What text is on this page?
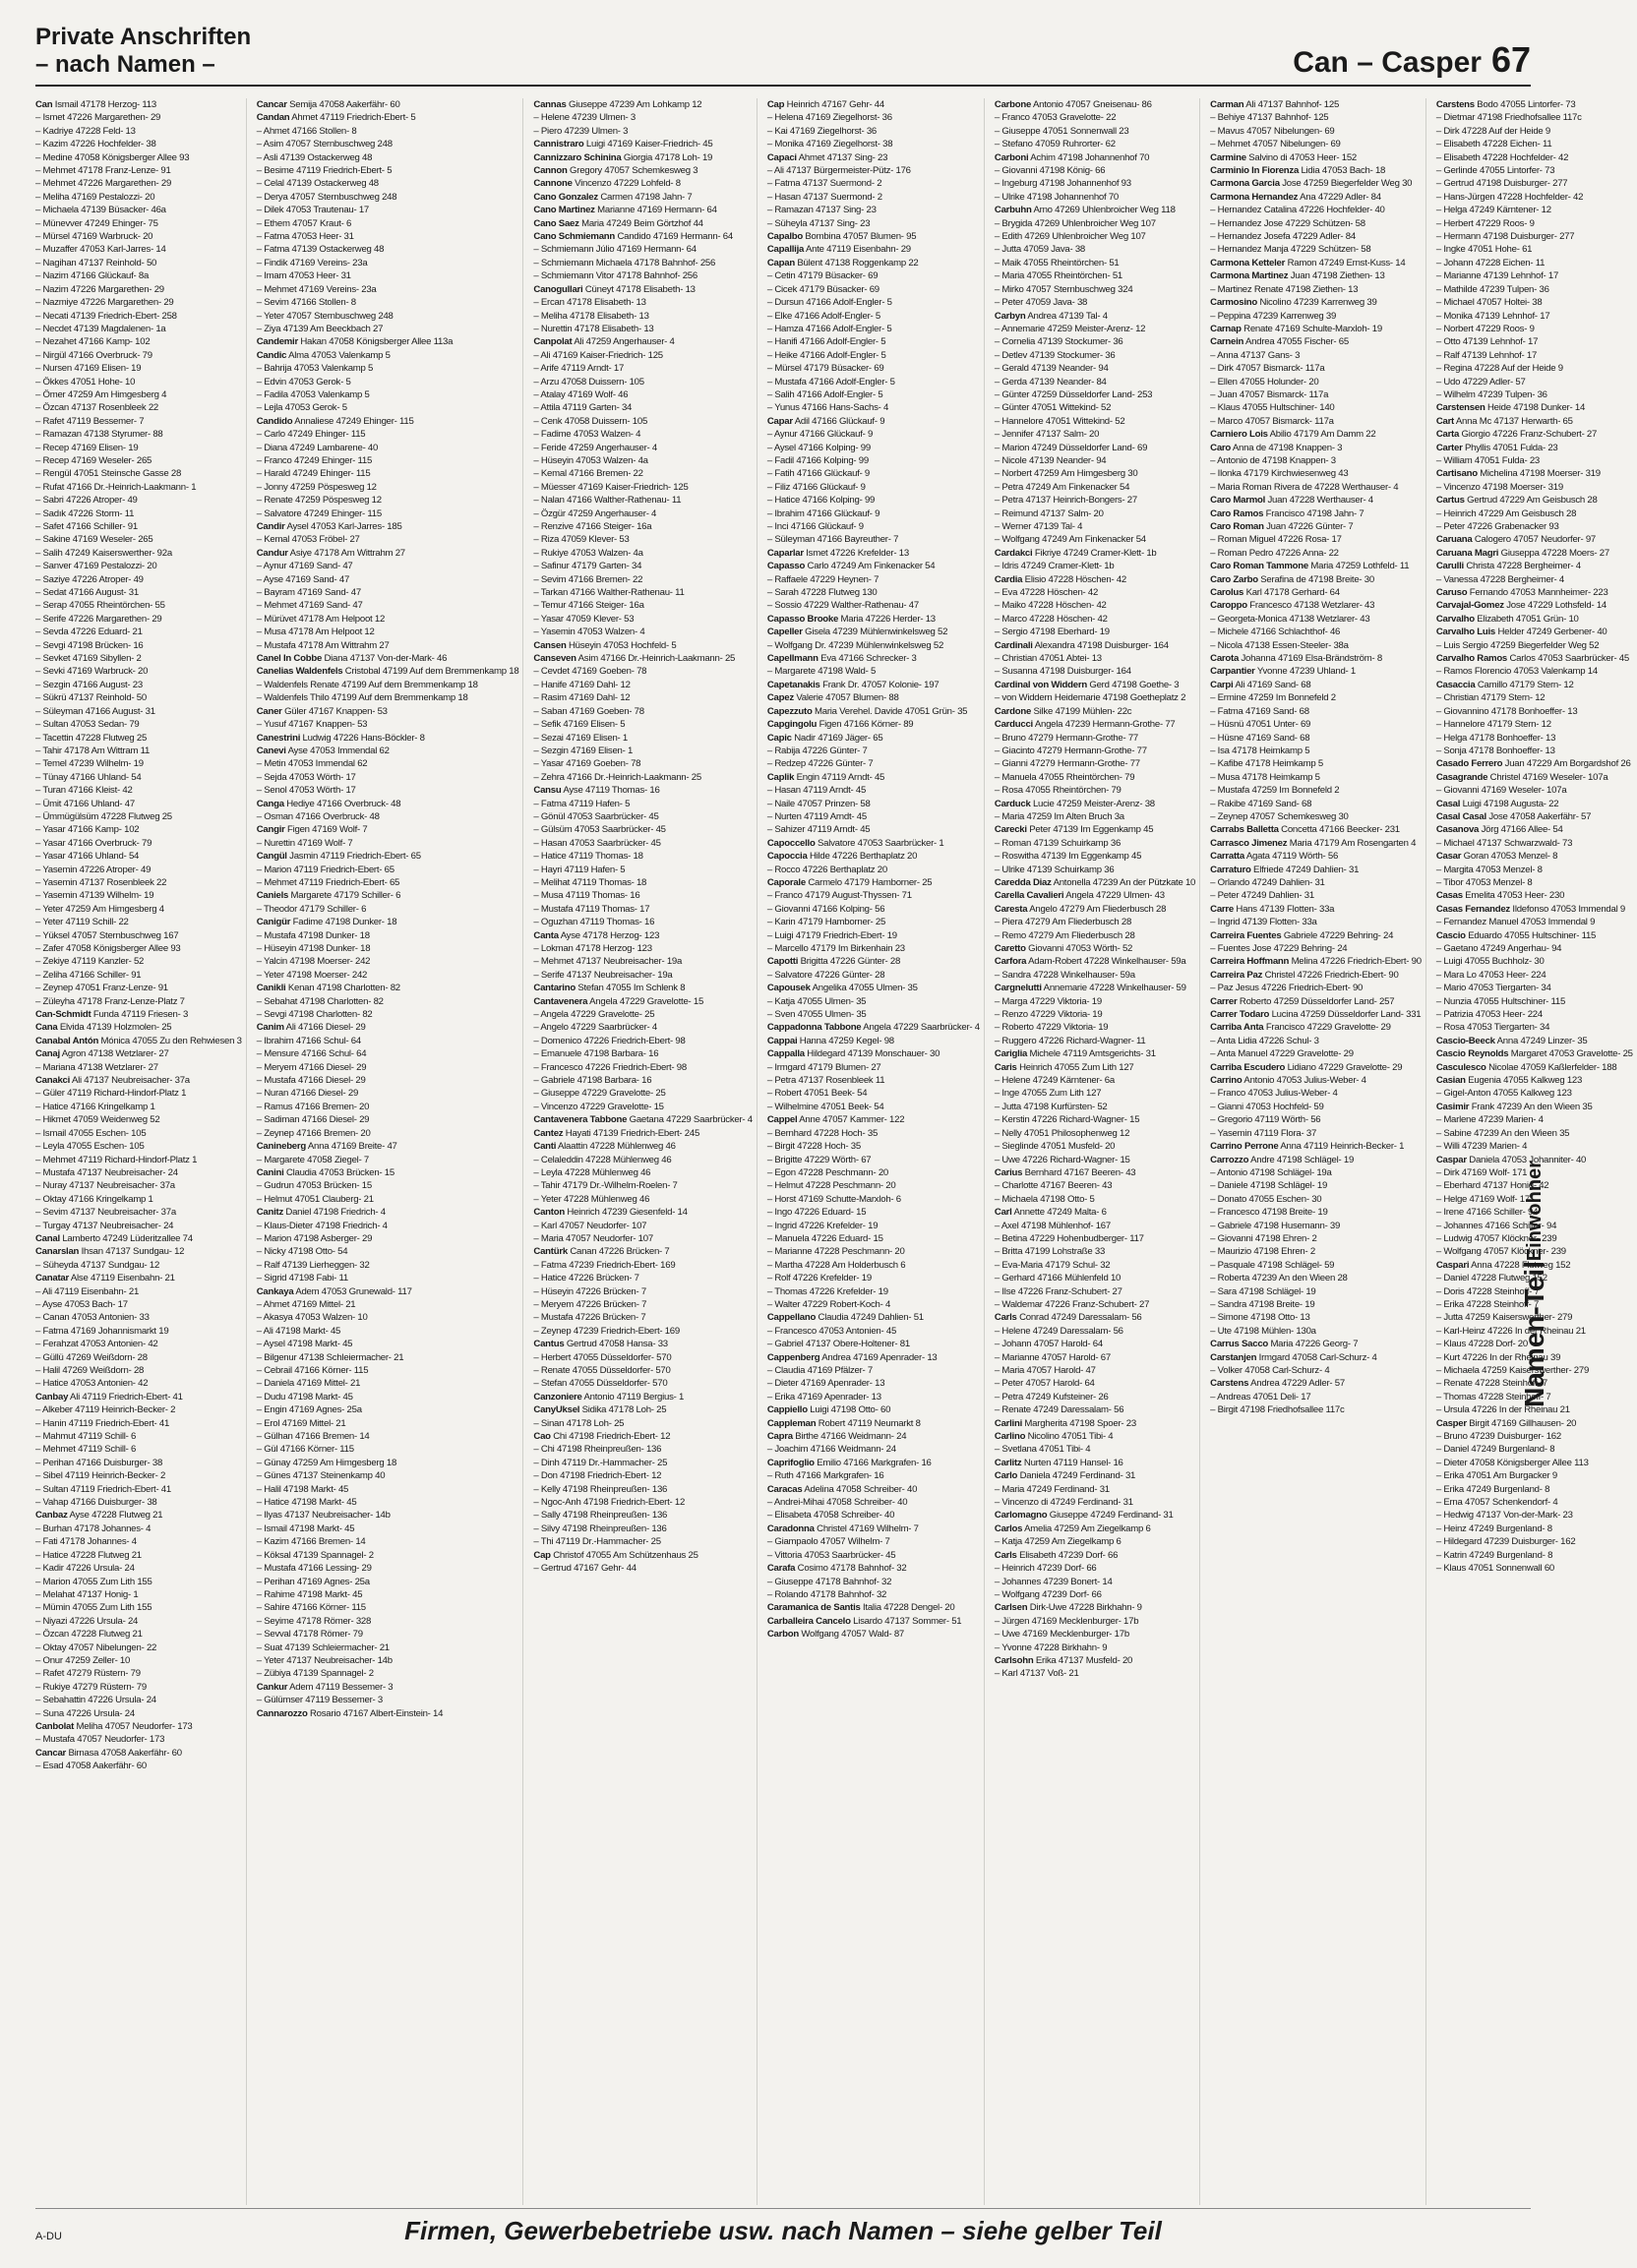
Private Anschriften
– nach Namen –	Can – Casper 67
Can Ismail 47178 Herzog- 113
– Ismet 47226 Margarethen- 29
– Kadriye 47228 Feld- 13
– Kazim 47226 Hochfelder- 38
– Medine 47058 Königsberger Allee 93
– Mehmet 47178 Franz-Lenze- 91
– Mehmet 47226 Margarethen- 29
– Meliha 47169 Pestalozzi- 20
– Michaela 47139 Büsacker- 46a
– Münevver 47249 Ehinger- 75
– Mürsel 47169 Warbruck- 20
– Muzaffer 47053 Karl-Jarres- 14
– Nagihan 47137 Reinhold- 50
– Nazim 47166 Glückauf- 8a
– Nazim 47226 Margarethen- 29
– Nazmiye 47226 Margarethen- 29
– Necati 47139 Friedrich-Ebert- 258
– Necdet 47139 Magdalenen- 1a
– Nezahet 47166 Kamp- 102
– Nirgül 47166 Overbruck- 79
– Nursen 47169 Elisen- 19
– Ökkes 47051 Hohe- 10
– Ömer 47259 Am Himgesberg 4
– Özcan 47137 Rosenbleek 22
– Rafet 47119 Bessemer- 7
– Ramazan 47138 Styrumer- 88
– Recep 47169 Elisen- 19
– Recep 47169 Weseler- 265
– Rengül 47051 Steinsche Gasse 28
– Rufat 47166 Dr.-Heinrich-Laakmann- 1
– Sabri 47226 Atroper- 49
– Sadık 47226 Storm- 11
– Safet 47166 Schiller- 91
– Sakine 47169 Weseler- 265
– Salih 47249 Kaiserswerther- 92a
– Sanver 47169 Pestalozzi- 20
– Saziye 47226 Atroper- 49
– Sedat 47166 August- 31
– Serap 47055 Rheintörchen- 55
– Serife 47226 Margarethen- 29
– Sevda 47226 Eduard- 21
– Sevgi 47198 Brücken- 16
– Sevket 47169 Sibyllen- 2
– Sevki 47169 Warbruck- 20
– Sezgin 47166 August- 23
– Sükrü 47137 Reinhold- 50
– Süleyman 47166 August- 31
– Sultan 47053 Sedan- 79
– Tacettin 47228 Flutweg 25
– Tahir 47178 Am Wittram 11
– Temel 47239 Wilhelm- 19
– Tünay 47166 Uhland- 54
– Turan 47166 Kleist- 42
– Ümit 47166 Uhland- 47
– Ümmügülsüm 47228 Flutweg 25
– Yasar 47166 Kamp- 102
– Yasar 47166 Overbruck- 79
– Yasar 47166 Uhland- 54
– Yasemin 47226 Atroper- 49
– Yasemin 47137 Rosenbleek 22
– Yasemin 47139 Wilhelm- 19
– Yeter 47259 Am Himgesberg 4
– Yeter 47119 Schill- 22
– Yüksel 47057 Sternbuschweg 167
– Zafer 47058 Königsberger Allee 93
– Zekiye 47119 Kanzler- 52
– Zeliha 47166 Schiller- 91
– Zeynep 47051 Franz-Lenze- 91
– Züleyha 47178 Franz-Lenze-Platz 7
Can-Schmidt Funda 47119 Friesen- 3
Cana Elvida 47139 Holzmolen- 25
Canabal Antón Mónica 47055 Zu den Rehwiesen 3
Canaj Agron 47138 Wetzlarer- 27
– Mariana 47138 Wetzlarer- 27
Canakci Ali 47137 Neubreisacher- 37a
– Güler 47119 Richard-Hindorf-Platz 1
– Hatice 47166 Kringelkamp 1
– Hikmet 47059 Weidenweg 52
– Ismail 47055 Eschen- 105
– Leyla 47055 Eschen- 105
– Mehmet 47119 Richard-Hindorf-Platz 1
– Mustafa 47137 Neubreisacher- 24
– Nuray 47137 Neubreisacher- 37a
– Oktay 47166 Kringelkamp 1
– Sevim 47137 Neubreisacher- 37a
– Turgay 47137 Neubreisacher- 24
Canal Lamberto 47249 Lüderitzallee 74
Canarslan Ihsan 47137 Sundgau- 12
– Süheyda 47137 Sundgau- 12
Canatar Alse 47119 Eisenbahn- 21
– Ali 47119 Eisenbahn- 21
– Ayse 47053 Bach- 17
– Canan 47053 Antonien- 33
– Fatma 47169 Johannismarkt 19
– Ferahzat 47053 Antonien- 42
– Güllü 47269 Weißdorn- 28
– Halil 47269 Weißdorn- 28
– Hatice 47053 Antonien- 42
Canbay Ali 47119 Friedrich-Ebert- 41
– Alkeber 47119 Heinrich-Becker- 2
– Hanin 47119 Friedrich-Ebert- 41
– Mahmut 47119 Schill- 6
– Mehmet 47119 Schill- 6
– Perihan 47166 Duisburger- 38
– Sibel 47119 Heinrich-Becker- 2
– Sultan 47119 Friedrich-Ebert- 41
– Vahap 47166 Duisburger- 38
Canbaz Ayse 47228 Flutweg 21
– Burhan 47178 Johannes- 4
– Fati 47178 Johannes- 4
– Hatice 47228 Flutweg 21
– Kadir 47226 Ursula- 24
– Marion 47055 Zum Lith 155
– Melahat 47137 Honig- 1
– Mümin 47055 Zum Lith 155
– Niyazi 47226 Ursula- 24
– Özcan 47228 Flutweg 21
– Oktay 47057 Nibelungen- 22
– Onur 47259 Zeller- 10
– Rafet 47279 Rüstern- 79
– Rukiye 47279 Rüstern- 79
– Sebahattin 47226 Ursula- 24
– Suna 47226 Ursula- 24
Canbolat Meliha 47057 Neudorfer- 173
– Mustafa 47057 Neudorfer- 173
Cancar Birnasa 47058 Aakerfähr- 60
– Esad 47058 Aakerfähr- 60
Cancar Semija 47058 Aakerfähr- 60
Candan Ahmet 47119 Friedrich-Ebert- 5
– Ahmet 47166 Stollen- 8
– Asim 47057 Sternbuschweg 248
– Asli 47139 Ostackerweg 48
– Besime 47119 Friedrich-Ebert- 5
– Celal 47139 Ostackerweg 48
– Derya 47057 Sternbuschweg 248
– Dilek 47053 Trautenau- 17
– Ethem 47057 Kraut- 6
– Fatma 47053 Heer- 31
– Fatma 47139 Ostackerweg 48
– Findik 47169 Vereins- 23a
– Imam 47053 Heer- 31
– Mehmet 47169 Vereins- 23a
– Sevim 47166 Stollen- 8
– Yeter 47057 Sternbuschweg 248
– Ziya 47139 Am Beeckbach 27
Candemir Hakan 47058 Königsberger Allee 113a
Candic Alma 47053 Valenkamp 5
– Bahrija 47053 Valenkamp 5
– Edvin 47053 Gerok- 5
– Fadila 47053 Valenkamp 5
– Lejla 47053 Gerok- 5
Candido Annaliese 47249 Ehinger- 115
– Carlo 47249 Ehinger- 115
– Diana 47249 Lambarene- 40
– Franco 47249 Ehinger- 115
– Harald 47249 Ehinger- 115
– Jonny 47259 Pöspesweg 12
– Renate 47259 Pöspesweg 12
– Salvatore 47249 Ehinger- 115
Candir Aysel 47053 Karl-Jarres- 185
– Kemal 47053 Fröbel- 27
Candur Asiye 47178 Am Wittrahm 27
– Aynur 47169 Sand- 47
– Ayse 47169 Sand- 47
– Bayram 47169 Sand- 47
– Mehmet 47169 Sand- 47
– Mürüvet 47178 Am Helpoot 12
– Musa 47178 Am Helpoot 12
– Mustafa 47178 Am Wittrahm 27
Canel In Cobbe Diana 47137 Von-der-Mark- 46
Canelias Waldenfels Cristobal 47199 Auf dem Bremmenkamp 18
– Waldenfels Renate 47199 Auf dem Bremmenkamp 18
– Waldenfels Thilo 47199 Auf dem Bremmenkamp 18
Caner Güler 47167 Knappen- 53
– Yusuf 47167 Knappen- 53
Canestrini Ludwig 47226 Hans-Böckler- 8
Canevi Ayse 47053 Immendal 62
– Metin 47053 Immendal 62
– Sejda 47053 Wörth- 17
– Senol 47053 Wörth- 17
Canga Hediye 47166 Overbruck- 48
– Osman 47166 Overbruck- 48
Cangir Figen 47169 Wolf- 7
– Nurettin 47169 Wolf- 7
Cangül Jasmin 47119 Friedrich-Ebert- 65
– Marion 47119 Friedrich-Ebert- 65
– Mehmet 47119 Friedrich-Ebert- 65
Caniels Margarete 47179 Schiller- 6
– Theodor 47179 Schiller- 6
Canigür Fadime 47198 Dunker- 18
– Mustafa 47198 Dunker- 18
– Hüseyin 47198 Dunker- 18
– Yalcin 47198 Moerser- 242
– Yeter 47198 Moerser- 242
Canikli Kenan 47198 Charlotten- 82
– Sebahat 47198 Charlotten- 82
– Sevgi 47198 Charlotten- 82
Canim Ali 47166 Diesel- 29
– Ibrahim 47166 Schul- 64
– Mensure 47166 Schul- 64
– Meryem 47166 Diesel- 29
– Mustafa 47166 Diesel- 29
– Nuran 47166 Diesel- 29
– Ramus 47166 Bremen- 20
– Sadiman 47166 Diesel- 29
– Zeynep 47166 Bremen- 20
Canineberg Anna 47169 Breite- 47
– Margarete 47058 Ziegel- 7
Canini Claudia 47053 Brücken- 15
– Gudrun 47053 Brücken- 15
– Helmut 47051 Clauberg- 21
Canitz Daniel 47198 Friedrich- 4
– Klaus-Dieter 47198 Friedrich- 4
– Marion 47198 Asberger- 29
– Nicky 47198 Otto- 54
– Ralf 47139 Lierheggen- 32
– Sigrid 47198 Fabi- 11
Cankaya Adem 47053 Grunewald- 117
– Ahmet 47169 Mittel- 21
– Akasya 47053 Walzen- 10
– Ali 47198 Markt- 45
– Aysel 47198 Markt- 45
– Bilgenur 47138 Schleiermacher- 21
– Cebrail 47166 Körner- 115
– Daniela 47169 Mittel- 21
– Dudu 47198 Markt- 45
– Engin 47169 Agnes- 25a
– Erol 47169 Mittel- 21
– Gülhan 47166 Bremen- 14
– Gül 47166 Körner- 115
– Günay 47259 Am Himgesberg 18
– Günes 47137 Steinenkamp 40
– Halil 47198 Markt- 45
– Hatice 47198 Markt- 45
– Ilyas 47137 Neubreisacher- 14b
– Ismail 47198 Markt- 45
– Kazim 47166 Bremen- 14
– Köksal 47139 Spannagel- 2
– Mustafa 47166 Lessing- 29
– Perihan 47169 Agnes- 25a
– Rahime 47198 Markt- 45
– Sahire 47166 Körner- 115
– Seyime 47178 Römer- 328
– Sevval 47178 Römer- 79
– Suat 47139 Schleiermacher- 21
– Yeter 47137 Neubreisacher- 14b
– Zübiya 47139 Spannagel- 2
Cankur Adem 47119 Bessemer- 3
– Gülümser 47119 Bessemer- 3
Cannarozzo Rosario 47167 Albert-Einstein- 14
Cannas Giuseppe 47239 Am Lohkamp 12
– Helene 47239 Ulmen- 3
– Piero 47239 Ulmen- 3
Cannistraro Luigi 47169 Kaiser-Friedrich- 45
Cannizzaro Schinina Giorgia 47178 Loh- 19
Cannon Gregory 47057 Schemkesweg 3
Cannone Vincenzo 47229 Lohfeld- 8
Cano Gonzalez Carmen 47198 Jahn- 7
Cano Martinez Marianne 47169 Hermann- 64
Cano Saez Maria 47249 Beim Görtzhof 44
Cano Schmiemann Candido 47169 Hermann- 64
– Schmiemann Júlio 47169 Hermann- 64
– Schmiemann Michaela 47178 Bahnhof- 256
– Schmiemann Vitor 47178 Bahnhof- 256
Canogullari Cüneyt 47178 Elisabeth- 13
– Ercan 47178 Elisabeth- 13
– Meliha 47178 Elisabeth- 13
– Nurettin 47178 Elisabeth- 13
Canpolat Ali 47259 Angerhauser- 4
– Ali 47169 Kaiser-Friedrich- 125
– Arife 47119 Arndt- 17
– Arzu 47058 Duissern- 105
– Atalay 47169 Wolf- 46
– Attila 47119 Garten- 34
– Cenk 47058 Duissern- 105
– Fadime 47053 Walzen- 4
– Feride 47259 Angerhauser- 4
– Hüseyin 47053 Walzen- 4a
– Kemal 47166 Bremen- 22
– Müesser 47169 Kaiser-Friedrich- 125
– Nalan 47166 Walther-Rathenau- 11
– Özgür 47259 Angerhauser- 4
– Renzive 47166 Steiger- 16a
– Riza 47059 Klever- 53
– Rukiye 47053 Walzen- 4a
– Safinur 47179 Garten- 34
– Sevim 47166 Bremen- 22
– Tarkan 47166 Walther-Rathenau- 11
– Temur 47166 Steiger- 16a
– Yasar 47059 Klever- 53
– Yasemin 47053 Walzen- 4
Cansen Hüseyin 47053 Hochfeld- 5
Canseven Asim 47166 Dr.-Heinrich-Laakmann- 25
– Cevdet 47169 Goeben- 78
– Hanife 47169 Dahl- 12
– Rasim 47169 Dahl- 12
– Saban 47169 Goeben- 78
– Sefik 47169 Elisen- 5
– Sezai 47169 Elisen- 1
– Sezgin 47169 Elisen- 1
– Yasar 47169 Goeben- 78
– Zehra 47166 Dr.-Heinrich-Laakmann- 25
Cansu Ayse 47119 Thomas- 16
– Fatma 47119 Hafen- 5
– Gönül 47053 Saarbrücker- 45
– Gülsüm 47053 Saarbrücker- 45
– Hasan 47053 Saarbrücker- 45
– Hatice 47119 Thomas- 18
– Hayri 47119 Hafen- 5
– Melihat 47119 Thomas- 18
– Musa 47119 Thomas- 16
– Mustafa 47119 Thomas- 17
– Oguzhan 47119 Thomas- 16
Canta Ayse 47178 Herzog- 123
– Lokman 47178 Herzog- 123
– Mehmet 47137 Neubreisacher- 19a
– Serife 47137 Neubreisacher- 19a
Cantarino Stefan 47055 Im Schlenk 8
Cantavenera Angela 47229 Gravelotte- 15
– Angela 47229 Gravelotte- 25
– Angelo 47229 Saarbrücker- 4
– Domenico 47226 Friedrich-Ebert- 98
– Emanuele 47198 Barbara- 16
– Francesco 47226 Friedrich-Ebert- 98
– Gabriele 47198 Barbara- 16
– Giuseppe 47229 Gravelotte- 25
– Vincenzo 47229 Gravelotte- 15
Cantavenera Tabbone Gaetana 47229 Saarbrücker- 4
Cantez Hayati 47139 Friedrich-Ebert- 245
Canti Alaattin 47228 Mühlenweg 46
– Celaleddin 47228 Mühlenweg 46
– Leyla 47228 Mühlenweg 46
– Tahir 47179 Dr.-Wilhelm-Roelen- 7
– Yeter 47228 Mühlenweg 46
Canton Heinrich 47239 Giesenfeld- 14
– Karl 47057 Neudorfer- 107
– Maria 47057 Neudorfer- 107
Cantürk Canan 47226 Brücken- 7
– Fatma 47239 Friedrich-Ebert- 169
– Hatice 47226 Brücken- 7
– Hüseyin 47226 Brücken- 7
– Meryem 47226 Brücken- 7
– Mustafa 47226 Brücken- 7
– Zeynep 47239 Friedrich-Ebert- 169
Cantus Gertrud 47058 Hansa- 33
– Herbert 47055 Düsseldorfer- 570
– Renate 47055 Düsseldorfer- 570
– Stefan 47055 Düsseldorfer- 570
Canzoniere Antonio 47119 Bergius- 1
CanyUksel Sidika 47178 Loh- 25
– Sinan 47178 Loh- 25
Cao Chi 47198 Friedrich-Ebert- 12
– Chi 47198 Rheinpreußen- 136
– Dinh 47119 Dr.-Hammacher- 25
– Don 47198 Friedrich-Ebert- 12
– Kelly 47198 Rheinpreußen- 136
– Ngoc-Anh 47198 Friedrich-Ebert- 12
– Sally 47198 Rheinpreußen- 136
– Silvy 47198 Rheinpreußen- 136
– Thi 47119 Dr.-Hammacher- 25
Cap Christof 47055 Am Schützenhaus 25
– Gertrud 47167 Gehr- 44
Cap Heinrich 47167 Gehr- 44
– Helena 47169 Ziegelhorst- 36
– Kai 47169 Ziegelhorst- 36
– Monika 47169 Ziegelhorst- 38
Capaci Ahmet 47137 Sing- 23
– Ali 47137 Bürgermeister-Pütz- 176
– Fatma 47137 Suermond- 2
– Hasan 47137 Suermond- 2
– Ramazan 47137 Sing- 23
– Süheyla 47137 Sing- 23
Capalbo Bombina 47057 Blumen- 95
Capallija Ante 47119 Eisenbahn- 29
Capan Bülent 47138 Roggenkamp 22
– Cetin 47179 Büsacker- 69
– Cicek 47179 Büsacker- 69
– Dursun 47166 Adolf-Engler- 5
– Elke 47166 Adolf-Engler- 5
– Hamza 47166 Adolf-Engler- 5
– Hanifi 47166 Adolf-Engler- 5
– Heike 47166 Adolf-Engler- 5
– Mürsel 47179 Büsacker- 69
– Mustafa 47166 Adolf-Engler- 5
– Salih 47166 Adolf-Engler- 5
– Yunus 47166 Hans-Sachs- 4
Capar Adil 47166 Glückauf- 9
– Aynur 47166 Glückauf- 9
– Aysel 47166 Kolping- 99
– Fadil 47166 Kolping- 99
– Fatih 47166 Glückauf- 9
– Filiz 47166 Glückauf- 9
– Hatice 47166 Kolping- 99
– Ibrahim 47166 Glückauf- 9
– Inci 47166 Glückauf- 9
– Süleyman 47166 Bayreuther- 7
Caparlar Ismet 47226 Krefelder- 13
Capasso Carlo 47249 Am Finkenacker 54
– Raffaele 47229 Heynen- 7
– Sarah 47228 Flutweg 130
– Sossio 47229 Walther-Rathenau- 47
Capasso Brooke Maria 47226 Herder- 13
Capeller Gisela 47239 Mühlenwinkelsweg 52
– Wolfgang Dr. 47239 Mühlenwinkelsweg 52
Capellmann Eva 47166 Schrecker- 3
– Margarete 47198 Wald- 5
Capetanakis Frank Dr. 47057 Koloniе- 197
Capez Valerie 47057 Blumen- 88
Capezzuto Maria Verehel. Davide 47051 Grün- 35
Capgingolu Figen 47166 Körner- 89
Capic Nadir 47169 Jäger- 65
– Rabija 47226 Günter- 7
– Redzep 47226 Günter- 7
Caplik Engin 47119 Arndt- 45
– Hasan 47119 Arndt- 45
– Naile 47057 Prinzen- 58
– Nurten 47119 Arndt- 45
– Sahizer 47119 Arndt- 45
Capoccello Salvatore 47053 Saarbrücker- 1
Capoccia Hilde 47226 Berthaplatz 20
– Rocco 47226 Berthaplatz 20
Caporale Carmelo 47179 Hamborner- 25
– Franco 47179 August-Thyssen- 71
– Giovanni 47166 Kolping- 56
– Karin 47179 Hamborner- 25
– Luigi 47179 Friedrich-Ebert- 19
– Marcello 47179 Im Birkenhain 23
Capotti Brigitta 47226 Günter- 28
– Salvatore 47226 Günter- 28
Capousek Angelika 47055 Ulmen- 35
– Katja 47055 Ulmen- 35
– Sven 47055 Ulmen- 35
Cappadonna Tabbone Angela 47229 Saarbrücker- 4
Cappai Hanna 47259 Kegel- 98
Cappalla Hildegard 47139 Monschauer- 30
– Irmgard 47179 Blumen- 27
– Petra 47137 Rosenbleek 11
– Robert 47051 Beek- 54
– Wilhelmine 47051 Beek- 54
Cappel Anne 47057 Kammer- 122
– Bernhard 47228 Hoch- 35
– Birgit 47228 Hoch- 35
– Brigitte 47229 Wörth- 67
– Egon 47228 Peschmann- 20
– Helmut 47228 Peschmann- 20
– Horst 47169 Schutte-Marxloh- 6
– Ingo 47226 Eduard- 15
– Ingrid 47226 Krefelder- 19
– Manuela 47226 Eduard- 15
– Marianne 47228 Peschmann- 20
– Martha 47228 Am Holderbusch 6
– Rolf 47226 Krefelder- 19
– Thomas 47226 Krefelder- 19
– Walter 47229 Robert-Koch- 4
Cappellano Claudia 47249 Dahlien- 51
– Francesco 47053 Antonien- 45
– Gabriel 47137 Obere-Holtener- 81
Cappenberg Andrea 47169 Apenrader- 13
– Claudia 47169 Pfälzer- 7
– Dieter 47169 Apenrader- 13
– Erika 47169 Apenrader- 13
Cappiello Luigi 47198 Otto- 60
Cappleman Robert 47119 Neumarkt 8
Capra Birthe 47166 Weidmann- 24
– Joachim 47166 Weidmann- 24
Caprifoglio Emilio 47166 Markgrafen- 16
– Ruth 47166 Markgrafen- 16
Caracas Adelina 47058 Schreiber- 40
– Andrei-Mihai 47058 Schreiber- 40
– Elisabeta 47058 Schreiber- 40
Caradonna Christel 47169 Wilhelm- 7
– Giampaolo 47057 Wilhelm- 7
– Vittoria 47053 Saarbrücker- 45
Carafa Cosimo 47178 Bahnhof- 32
– Giuseppe 47178 Bahnhof- 32
– Rolando 47178 Bahnhof- 32
Caramanica de Santis Italia 47228 Dengel- 20
Carballeira Cancelo Lisardo 47137 Sommer- 51
Carbon Wolfgang 47057 Wald- 87
Carbone Antonio 47057 Gneisenau- 86
– Franco 47053 Gravelotte- 22
– Giuseppe 47051 Sonnenwall 23
– Stefano 47059 Ruhrorter- 62
Carboni Achim 47198 Johannenhof 70
– Giovanni 47198 König- 66
– Ingeburg 47198 Johannenhof 93
– Ulrike 47198 Johannenhof 70
Carbuhn Arno 47269 Uhlenbroicher Weg 118
– Brygida 47269 Uhlenbroicher Weg 107
– Edith 47269 Uhlenbroicher Weg 107
– Jutta 47059 Java- 38
– Maik 47055 Rheintörchen- 51
– Maria 47055 Rheintörchen- 51
– Mirko 47057 Sternbuschweg 324
– Peter 47059 Java- 38
Carbyn Andrea 47139 Tal- 4
– Annemarie 47259 Meister-Arenz- 12
– Cornelia 47139 Stockumer- 36
– Detlev 47139 Stockumer- 36
– Gerald 47139 Neander- 94
– Gerda 47139 Neander- 84
– Günter 47259 Düsseldorfer Land- 253
– Günter 47051 Wittekind- 52
– Hannelore 47051 Wittekind- 52
– Jennifer 47137 Salm- 20
– Marion 47249 Düsseldorfer Land- 69
– Nicole 47139 Neander- 94
– Norbert 47259 Am Himgesberg 30
– Petra 47249 Am Finkenacker 54
– Petra 47137 Heinrich-Bongers- 27
– Reimund 47137 Salm- 20
– Werner 47139 Tal- 4
– Wolfgang 47249 Am Finkenacker 54
Cardakci Fikriye 47249 Cramer-Klett- 1b
– Idris 47249 Cramer-Klett- 1b
Cardia Elisio 47228 Höschen- 42
– Eva 47228 Höschen- 42
– Maiko 47228 Höschen- 42
– Marco 47228 Höschen- 42
– Sergio 47198 Eberhard- 19
Cardinali Alexandra 47198 Duisburger- 164
– Christian 47051 Abtei- 13
– Susanna 47198 Duisburger- 164
Cardinal von Widdern Gerd 47198 Goethe- 3
– von Widdern Heidemarie 47198 Goetheplatz 2
Cardone Silke 47199 Mühlen- 22c
Carducci Angela 47239 Hermann-Grothe- 77
– Bruno 47279 Hermann-Grothe- 77
– Giacinto 47279 Hermann-Grothe- 77
– Gianni 47279 Hermann-Grothe- 77
– Manuela 47055 Rheintörchen- 79
– Rosa 47055 Rheintörchen- 79
Carduck Lucie 47259 Meister-Arenz- 38
– Maria 47259 Im Alten Bruch 3a
Carecki Peter 47139 Im Eggenkamp 45
– Roman 47139 Schuirkamp 36
– Roswitha 47139 Im Eggenkamp 45
– Ulrike 47139 Schuirkamp 36
Caredda Diaz Antonella 47239 An der Pützkate 10
Carella Cavalieri Angela 47229 Ulmen- 43
Caresta Angelo 47279 Am Fliederbusch 28
– Piera 47279 Am Fliederbusch 28
– Remo 47279 Am Fliederbusch 28
Caretto Giovanni 47053 Wörth- 52
Carfora Adam-Robert 47228 Winkelhauser- 59a
– Sandra 47228 Winkelhauser- 59a
Cargnelutti Annemarie 47228 Winkelhauser- 59
– Marga 47229 Viktoria- 19
– Renzo 47229 Viktoria- 19
– Roberto 47229 Viktoria- 19
– Ruggero 47226 Richard-Wagner- 11
Cariglia Michele 47119 Amtsgerichts- 31
Caris Heinrich 47055 Zum Lith 127
– Helene 47249 Kärntener- 6a
– Inge 47055 Zum Lith 127
– Jutta 47198 Kurfürsten- 52
– Kerstin 47226 Richard-Wagner- 15
– Nelly 47051 Philosophenweg 12
– Sieglinde 47051 Musfeld- 20
– Uwe 47226 Richard-Wagner- 15
Carius Bernhard 47167 Beeren- 43
– Charlotte 47167 Beeren- 43
– Michaela 47198 Otto- 5
Carl Annette 47249 Malta- 6
– Axel 47198 Mühlenhof- 167
– Betina 47229 Hohenbudberger- 117
– Britta 47199 Lohstraße 33
– Eva-Maria 47179 Schul- 32
– Gerhard 47166 Mühlenfeld 10
– Ilse 47226 Franz-Schubert- 27
– Waldemar 47226 Franz-Schubert- 27
Carls Conrad 47249 Daressalam- 56
– Helene 47249 Daressalam- 56
– Johann 47057 Harold- 64
– Marianne 47057 Harold- 67
– Maria 47057 Harold- 47
– Peter 47057 Harold- 64
– Petra 47249 Kufsteiner- 26
– Renate 47249 Daressalam- 56
Carlini Margherita 47198 Spoer- 23
Carlino Nicolino 47051 Tibi- 4
– Svetlana 47051 Tibi- 4
Carlitz Nurten 47119 Hansel- 16
Carlo Daniela 47249 Ferdinand- 31
– Maria 47249 Ferdinand- 31
– Vincenzo di 47249 Ferdinand- 31
Carlomagno Giuseppe 47249 Ferdinand- 31
Carlos Amelia 47259 Am Ziegelkamp 6
– Katja 47259 Am Ziegelkamp 6
Carls Elisabeth 47239 Dorf- 66
– Heinrich 47239 Dorf- 66
– Johannes 47239 Bonert- 14
– Wolfgang 47239 Dorf- 66
Carlsen Dirk-Uwe 47228 Birkhahn- 9
– Jürgen 47169 Mecklenburger- 17b
– Uwe 47169 Mecklenburger- 17b
– Yvonne 47228 Birkhahn- 9
Carlsohn Erika 47137 Musfeld- 20
– Karl 47137 Voß- 21
Carman Ali 47137 Bahnhof- 125
– Behiye 47137 Bahnhof- 125
– Mavus 47057 Nibelungen- 69
– Mehmet 47057 Nibelungen- 69
Carmine Salvino di 47053 Heer- 152
Carminio In Fiorenza Lidia 47053 Bach- 18
Carmona Garcia Jose 47259 Biegerfelder Weg 30
Carmona Hernandez Ana 47229 Adler- 84
– Hernandez Catalina 47226 Hochfelder- 40
– Hernandez Jose 47229 Schützen- 58
– Hernandez Josefa 47229 Adler- 84
– Hernandez Manja 47229 Schützen- 58
Carmona Ketteler Ramon 47249 Ernst-Kuss- 14
Carmona Martinez Juan 47198 Ziethen- 13
– Martinez Renate 47198 Ziethen- 13
Carmosino Nicolino 47239 Karrenweg 39
– Peppina 47239 Karrenweg 39
Carnap Renate 47169 Schulte-Marxloh- 19
Carnein Andrea 47055 Fischer- 65
– Anna 47137 Gans- 3
– Dirk 47057 Bismarck- 117a
– Ellen 47055 Holunder- 20
– Juan 47057 Bismarck- 117a
– Klaus 47055 Hultschiner- 140
– Marco 47057 Bismarck- 117a
Carniero Lois Abilio 47179 Am Damm 22
Caro Anna de 47198 Knappen- 3
– Antonio de 47198 Knappen- 3
– Ilonka 47179 Kirchwiesenweg 43
– Maria Roman Rivera de 47228 Werthauser- 4
Caro Marmol Juan 47228 Werthauser- 4
Caro Ramos Francisco 47198 Jahn- 7
Caro Roman Juan 47226 Günter- 7
– Roman Miguel 47226 Rosa- 17
– Roman Pedro 47226 Anna- 22
Caro Roman Tammone Maria 47259 Lothfeld- 11
Caro Zarbo Serafina de 47198 Breite- 30
Carolus Karl 47178 Gerhard- 64
Caroppo Francesco 47138 Wetzlarer- 43
– Georgeta-Monica 47138 Wetzlarer- 43
– Michele 47166 Schlachthof- 46
– Nicola 47138 Essen-Steeler- 38a
Carota Johanna 47169 Elsa-Brändström- 8
Carpantier Yvonne 47239 Uhland- 1
Carpi Ali 47169 Sand- 68
– Ermine 47259 Im Bonnefeld 2
– Fatma 47169 Sand- 68
– Hüsnü 47051 Unter- 69
– Hüsne 47169 Sand- 68
– Isa 47178 Heimkamp 5
– Kafibe 47178 Heimkamp 5
– Musa 47178 Heimkamp 5
– Mustafa 47259 Im Bonnefeld 2
– Rakibe 47169 Sand- 68
– Zeynep 47057 Schemkesweg 30
Carrabs Balletta Concetta 47166 Beecker- 231
Carrasco Jimenez Maria 47179 Am Rosengarten 4
Carratta Agata 47119 Wörth- 56
Carraturo Elfriede 47249 Dahlien- 31
– Orlando 47249 Dahlien- 31
– Peter 47249 Dahlien- 31
Carre Hans 47139 Flotten- 33a
– Ingrid 47139 Flotten- 33a
Carreira Fuentes Gabriele 47229 Behring- 24
– Fuentes Jose 47229 Behring- 24
Carreira Hoffmann Melina 47226 Friedrich-Ebert- 90
Carreira Paz Christel 47226 Friedrich-Ebert- 90
– Paz Jesus 47226 Friedrich-Ebert- 90
Carrer Roberto 47259 Düsseldorfer Land- 257
Carrer Todaro Lucina 47259 Düsseldorfer Land- 331
Carriba Anta Francisco 47229 Gravelotte- 29
– Anta Lidia 47226 Schul- 3
– Anta Manuel 47229 Gravelotte- 29
Carriba Escudero Lidiano 47229 Gravelotte- 29
Carrino Antonio 47053 Julius-Weber- 4
– Franco 47053 Julius-Weber- 4
– Gianni 47053 Hochfeld- 59
– Gregorio 47119 Wörth- 56
– Yasemin 47119 Flora- 37
Carrino Perrone Anna 47119 Heinrich-Becker- 1
Carrozzo Andre 47198 Schlägel- 19
– Antonio 47198 Schlägel- 19a
– Daniele 47198 Schlägel- 19
– Donato 47055 Eschen- 30
– Francesco 47198 Breite- 19
– Gabriele 47198 Husemann- 39
– Giovanni 47198 Ehren- 2
– Maurizio 47198 Ehren- 2
– Pasquale 47198 Schlägel- 59
– Roberta 47239 An den Wieen 28
– Sara 47198 Schlägel- 19
– Sandra 47198 Breite- 19
– Simone 47198 Otto- 13
– Ute 47198 Mühlen- 130a
Carrus Sacco Maria 47226 Georg- 7
Carstanjen Irmgard 47058 Carl-Schurz- 4
– Volker 47058 Carl-Schurz- 4
Carstens Andrea 47229 Adler- 57
– Andreas 47051 Deli- 17
– Birgit 47198 Friedhofsallee 117c
Carstens Bodo 47055 Lintorfer- 73
– Dietmar 47198 Friedhofsallee 117c
– Dirk 47228 Auf der Heide 9
– Elisabeth 47228 Eichen- 11
– Elisabeth 47228 Hochfelder- 42
– Gerlinde 47055 Lintorfer- 73
– Gertrud 47198 Duisburger- 277
– Hans-Jürgen 47228 Hochfelder- 42
– Helga 47249 Kärntener- 12
– Herbert 47229 Roos- 9
– Hermann 47198 Duisburger- 277
– Ingke 47051 Hohe- 61
– Johann 47228 Eichen- 11
– Marianne 47139 Lehnhof- 17
– Mathilde 47239 Tulpen- 36
– Michael 47057 Holtei- 38
– Monika 47139 Lehnhof- 17
– Norbert 47229 Roos- 9
– Otto 47139 Lehnhof- 17
– Ralf 47139 Lehnhof- 17
– Regina 47228 Auf der Heide 9
– Udo 47229 Adler- 57
– Wilhelm 47239 Tulpen- 36
Carstensen Heide 47198 Dunker- 14
Cart Anna Mc 47137 Herwarth- 65
Carta Giorgio 47226 Franz-Schubert- 27
Carter Phyllis 47051 Fulda- 23
– William 47051 Fulda- 23
Cartisano Michelina 47198 Moerser- 319
– Vincenzo 47198 Moerser- 319
Cartus Gertrud 47229 Am Geisbusch 28
– Heinrich 47229 Am Geisbusch 28
– Peter 47226 Grabenacker 93
Caruana Calogero 47057 Neudorfer- 97
Caruana Magri Giuseppa 47228 Moers- 27
Carulli Christa 47228 Bergheimer- 4
– Vanessa 47228 Bergheimer- 4
Caruso Fernando 47053 Mannheimer- 223
Carvajal-Gomez Jose 47229 Lothsfeld- 14
Carvalho Elizabeth 47051 Grün- 10
Carvalho Luis Helder 47249 Gerbener- 40
– Luis Sergio 47259 Biegerfelder Weg 52
Carvalho Ramos Carlos 47053 Saarbrücker- 45
– Ramos Florencio 47053 Valenkamp 14
Casaccia Camillo 47179 Stern- 12
– Christian 47179 Stern- 12
– Giovannino 47178 Bonhoeffer- 13
– Hannelore 47179 Stern- 12
– Helga 47178 Bonhoeffer- 13
– Sonja 47178 Bonhoeffer- 13
Casado Ferrero Juan 47229 Am Borgardshof 26
Casagrande Christel 47169 Weseler- 107a
– Giovanni 47169 Weseler- 107a
Casal Luigi 47198 Augusta- 22
Casal Casal Jose 47058 Aakerfähr- 57
Casanova Jörg 47166 Allee- 54
– Michael 47137 Schwarzwald- 73
Casar Goran 47053 Menzel- 8
– Margita 47053 Menzel- 8
– Tibor 47053 Menzel- 8
Casas Emelita 47053 Heer- 230
Casas Fernandez Ildefonso 47053 Immendal 9
– Fernandez Manuel 47053 Immendal 9
Cascio Eduardo 47055 Hultschiner- 115
– Gaetano 47249 Angerhau- 94
– Luigi 47055 Buchholz- 30
– Mara Lo 47053 Heer- 224
– Mario 47053 Tiergarten- 34
– Nunzia 47055 Hultschiner- 115
– Patrizia 47053 Heer- 224
– Rosa 47053 Tiergarten- 34
Cascio-Beeck Anna 47249 Linzer- 35
Cascio Reynolds Margaret 47053 Gravelotte- 25
Casculesco Nicolae 47059 Kaßlerfelder- 188
Casian Eugenia 47055 Kalkweg 123
– Gigel-Anton 47055 Kalkweg 123
Casimir Frank 47239 An den Wieen 35
– Marlene 47239 Marien- 4
– Sabine 47239 An den Wieen 35
– Willi 47239 Marien- 4
Caspar Daniela 47053 Johanniter- 40
– Dirk 47169 Wolf- 171
– Eberhard 47137 Honig- 42
– Helge 47169 Wolf- 171
– Irene 47166 Schiller- 94
– Johannes 47166 Schiller- 94
– Ludwig 47057 Klöckner- 239
– Wolfgang 47057 Klöckner- 239
Caspari Anna 47228 Flutweg 152
– Daniel 47228 Flutweg 152
– Doris 47228 Steinhoff- 7
– Erika 47228 Steinhoff- 7
– Jutta 47259 Kaiserswerther- 279
– Karl-Heinz 47226 In der Rheinau 21
– Klaus 47228 Dorf- 20
– Kurt 47226 In der Rheinau 39
– Michaela 47259 Kaiserswerther- 279
– Renate 47228 Steinhoff- 7
– Thomas 47228 Steinhoff- 7
– Ursula 47226 In der Rheinau 21
Casper Birgit 47169 Gillhausen- 20
– Bruno 47239 Duisburger- 162
– Daniel 47249 Burgenland- 8
– Dieter 47058 Königsberger Allee 113
– Erika 47051 Am Burgacker 9
– Erika 47249 Burgenland- 8
– Erna 47057 Schenkendorf- 4
– Hedwig 47137 Von-der-Mark- 23
– Heinz 47249 Burgenland- 8
– Hildegard 47239 Duisburger- 162
– Katrin 47249 Burgenland- 8
– Klaus 47051 Sonnenwall 60
Einwohner
Namen-Teil
Firmen, Gewerbebetriebe usw. nach Namen – siehe gelber Teil
A-DU
